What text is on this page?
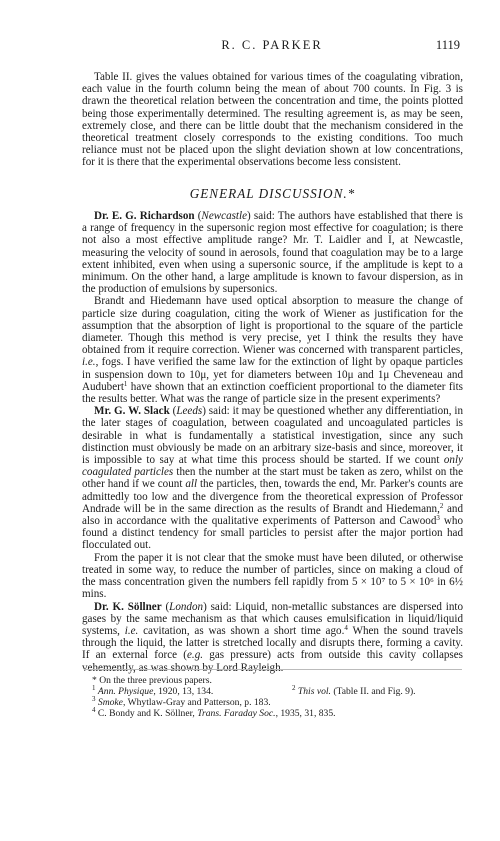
R. C. PARKER	1119

Table II. gives the values obtained for various times of the coagulating vibration, each value in the fourth column being the mean of about 700 counts. In Fig. 3 is drawn the theoretical relation between the concentration and time, the points plotted being those experimentally determined. The resulting agreement is, as may be seen, extremely close, and there can be little doubt that the mechanism considered in the theoretical treatment closely corresponds to the existing conditions. Too much reliance must not be placed upon the slight deviation shown at low concentrations, for it is there that the experimental observations become less consistent.

GENERAL DISCUSSION.*

Dr. E. G. Richardson (Newcastle) said: The authors have established that there is a range of frequency in the supersonic region most effective for coagulation; is there not also a most effective amplitude range? Mr. T. Laidler and I, at Newcastle, measuring the velocity of sound in aerosols, found that coagulation may be to a large extent inhibited, even when using a supersonic source, if the amplitude is kept to a minimum. On the other hand, a large amplitude is known to favour dispersion, as in the production of emulsions by supersonics.

Brandt and Hiedemann have used optical absorption to measure the change of particle size during coagulation, citing the work of Wiener as justification for the assumption that the absorption of light is proportional to the square of the particle diameter. Though this method is very precise, yet I think the results they have obtained from it require correction. Wiener was concerned with transparent particles, i.e., fogs. I have verified the same law for the extinction of light by opaque particles in suspension down to 10μ, yet for diameters between 10μ and 1μ Cheveneau and Audubert$^1$ have shown that an extinction coefficient proportional to the diameter fits the results better. What was the range of particle size in the present experiments?

Mr. G. W. Slack (Leeds) said: it may be questioned whether any differentiation, in the later stages of coagulation, between coagulated and uncoagulated particles is desirable in what is fundamentally a statistical investigation, since any such distinction must obviously be made on an arbitrary size-basis and since, moreover, it is impossible to say at what time this process should be started. If we count only coagulated particles then the number at the start must be taken as zero, whilst on the other hand if we count all the particles, then, towards the end, Mr. Parker's counts are admittedly too low and the divergence from the theoretical expression of Professor Andrade will be in the same direction as the results of Brandt and Hiedemann,$^2$ and also in accordance with the qualitative experiments of Patterson and Cawood$^3$ who found a distinct tendency for small particles to persist after the major portion had flocculated out.

From the paper it is not clear that the smoke must have been diluted, or otherwise treated in some way, to reduce the number of particles, since on making a cloud of the mass concentration given the numbers fell rapidly from 5 × 10⁷ to 5 × 10⁶ in 6½ mins.

Dr. K. Söllner (London) said: Liquid, non-metallic substances are dispersed into gases by the same mechanism as that which causes emulsification in liquid/liquid systems, i.e. cavitation, as was shown a short time ago.$^4$ When the sound travels through the liquid, the latter is stretched locally and disrupts there, forming a cavity. If an external force (e.g. gas pressure) acts from outside this cavity collapses vehemently, as was shown by Lord Rayleigh.

* On the three previous papers.
$^1$ Ann. Physique, 1920, 13, 134.	$^2$ This vol. (Table II. and Fig. 9).
$^3$ Smoke, Whytlaw-Gray and Patterson, p. 183.
$^4$ C. Bondy and K. Söllner, Trans. Faraday Soc., 1935, 31, 835.
